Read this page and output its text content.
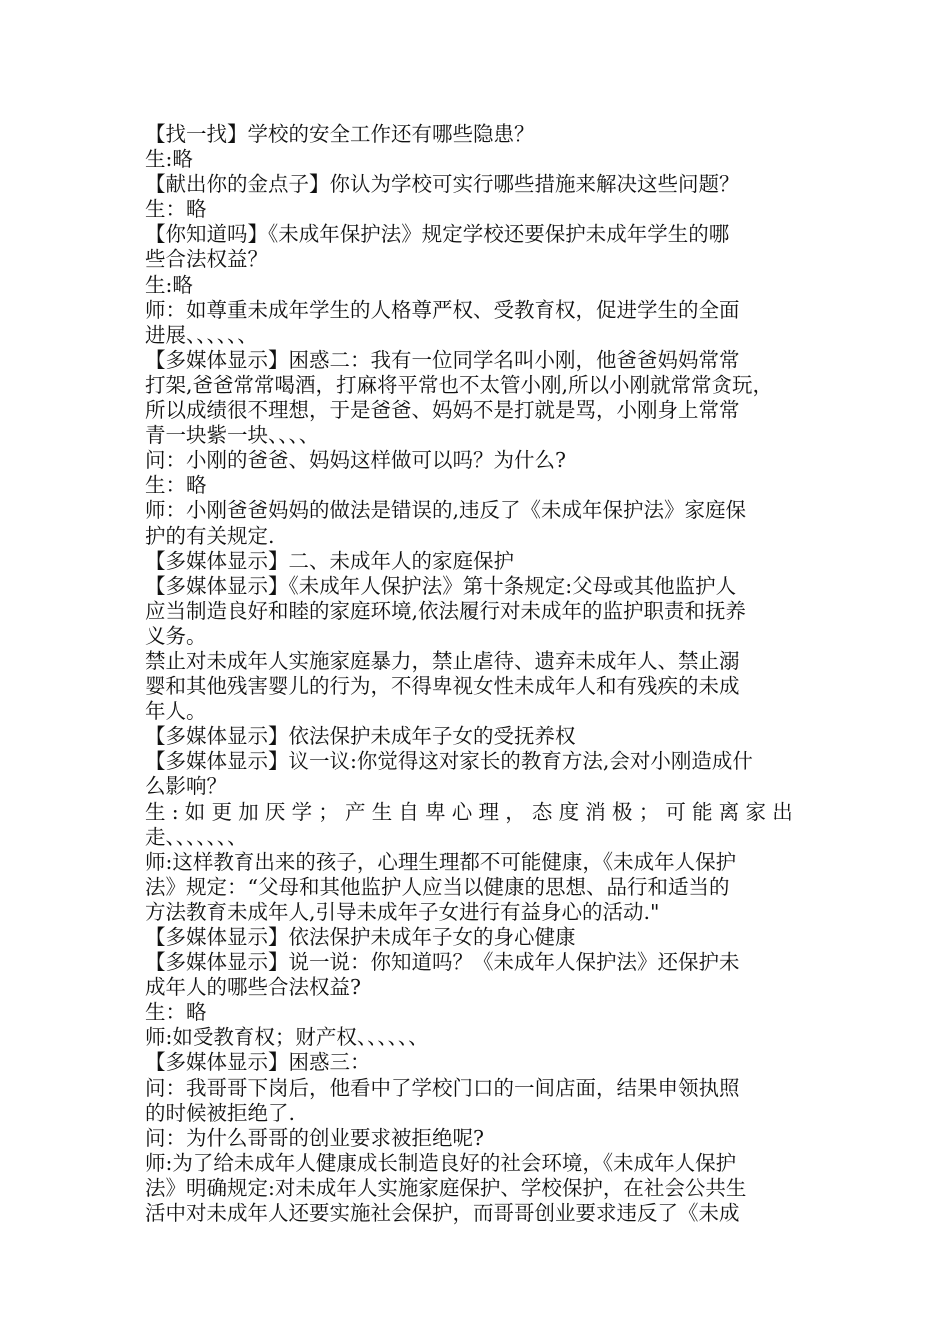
【找一找】学校的安全工作还有哪些隐患？
生:略
【献出你的金点子】你认为学校可实行哪些措施来解决这些问题？
生：略
【你知道吗】《未成年保护法》规定学校还要保护未成年学生的哪
些合法权益？
生:略
师：如尊重未成年学生的人格尊严权、受教育权，促进学生的全面
进展、、、、、、
【多媒体显示】困惑二：我有一位同学名叫小刚，他爸爸妈妈常常
打架,爸爸常常喝酒，打麻将平常也不太管小刚,所以小刚就常常贪玩，
所以成绩很不理想，于是爸爸、妈妈不是打就是骂，小刚身上常常
青一块紫一块、、、、
问：小刚的爸爸、妈妈这样做可以吗？为什么?
生：略
师：小刚爸爸妈妈的做法是错误的,违反了《未成年保护法》家庭保
护的有关规定.
【多媒体显示】二、未成年人的家庭保护
【多媒体显示】《未成年人保护法》第十条规定:父母或其他监护人
应当制造良好和睦的家庭环境,依法履行对未成年的监护职责和抚养
义务。
禁止对未成年人实施家庭暴力，禁止虐待、遗弃未成年人、禁止溺
婴和其他残害婴儿的行为，不得卑视女性未成年人和有残疾的未成
年人。
【多媒体显示】依法保护未成年子女的受抚养权
【多媒体显示】议一议:你觉得这对家长的教育方法,会对小刚造成什
么影响？
生:如更加厌学；产生自卑心理，态度消极；可能离家出
走、、、、、、、
师:这样教育出来的孩子，心理生理都不可能健康，《未成年人保护
法》规定：“父母和其他监护人应当以健康的思想、品行和适当的
方法教育未成年人,引导未成年子女进行有益身心的活动."
【多媒体显示】依法保护未成年子女的身心健康
【多媒体显示】说一说：你知道吗？《未成年人保护法》还保护未
成年人的哪些合法权益?
生：略
师:如受教育权；财产权、、、、、、
【多媒体显示】困惑三：
问：我哥哥下岗后，他看中了学校门口的一间店面，结果申领执照
的时候被拒绝了.
问：为什么哥哥的创业要求被拒绝呢?
师:为了给未成年人健康成长制造良好的社会环境，《未成年人保护
法》明确规定:对未成年人实施家庭保护、学校保护，在社会公共生
活中对未成年人还要实施社会保护，而哥哥创业要求违反了《未成
